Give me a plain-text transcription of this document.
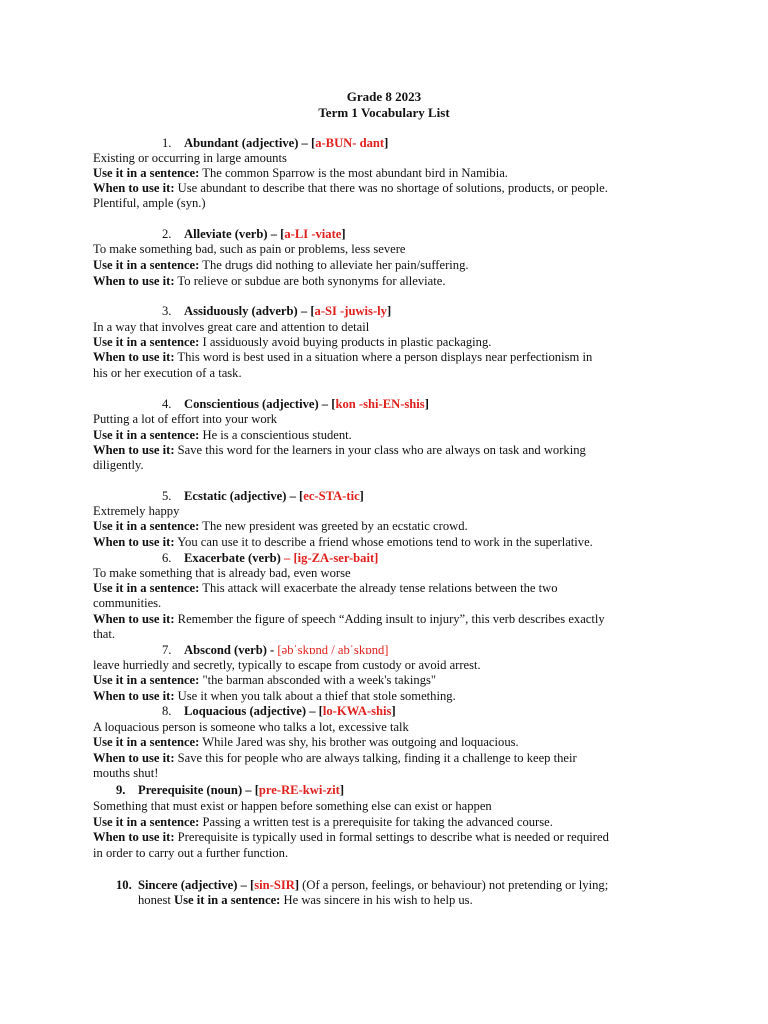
Grade 8 2023
Term 1 Vocabulary List
1. Abundant (adjective) – [a-BUN- dant]
Existing or occurring in large amounts
Use it in a sentence: The common Sparrow is the most abundant bird in Namibia.
When to use it: Use abundant to describe that there was no shortage of solutions, products, or people.
Plentiful, ample (syn.)
2. Alleviate (verb) – [a-LI -viate]
To make something bad, such as pain or problems, less severe
Use it in a sentence: The drugs did nothing to alleviate her pain/suffering.
When to use it: To relieve or subdue are both synonyms for alleviate.
3. Assiduously (adverb) – [a-SI -juwis-ly]
In a way that involves great care and attention to detail
Use it in a sentence: I assiduously avoid buying products in plastic packaging.
When to use it: This word is best used in a situation where a person displays near perfectionism in
his or her execution of a task.
4. Conscientious (adjective) – [kon -shi-EN-shis]
Putting a lot of effort into your work
Use it in a sentence: He is a conscientious student.
When to use it: Save this word for the learners in your class who are always on task and working
diligently.
5. Ecstatic (adjective) – [ec-STA-tic]
Extremely happy
Use it in a sentence: The new president was greeted by an ecstatic crowd.
When to use it: You can use it to describe a friend whose emotions tend to work in the superlative.
6. Exacerbate (verb) – [ig-ZA-ser-bait]
To make something that is already bad, even worse
Use it in a sentence: This attack will exacerbate the already tense relations between the two
communities.
When to use it: Remember the figure of speech “Adding insult to injury”, this verb describes exactly
that.
7. Abscond (verb) - [əbˈskɒnd / abˈskɒnd]
leave hurriedly and secretly, typically to escape from custody or avoid arrest.
Use it in a sentence: "the barman absconded with a week's takings"
When to use it: Use it when you talk about a thief that stole something.
8. Loquacious (adjective) – [lo-KWA-shis]
A loquacious person is someone who talks a lot, excessive talk
Use it in a sentence: While Jared was shy, his brother was outgoing and loquacious.
When to use it: Save this for people who are always talking, finding it a challenge to keep their
mouths shut!
9. Prerequisite (noun) – [pre-RE-kwi-zit]
Something that must exist or happen before something else can exist or happen
Use it in a sentence: Passing a written test is a prerequisite for taking the advanced course.
When to use it: Prerequisite is typically used in formal settings to describe what is needed or required
in order to carry out a further function.
10. Sincere (adjective) – [sin-SIR] (Of a person, feelings, or behaviour) not pretending or lying;
honest Use it in a sentence: He was sincere in his wish to help us.
